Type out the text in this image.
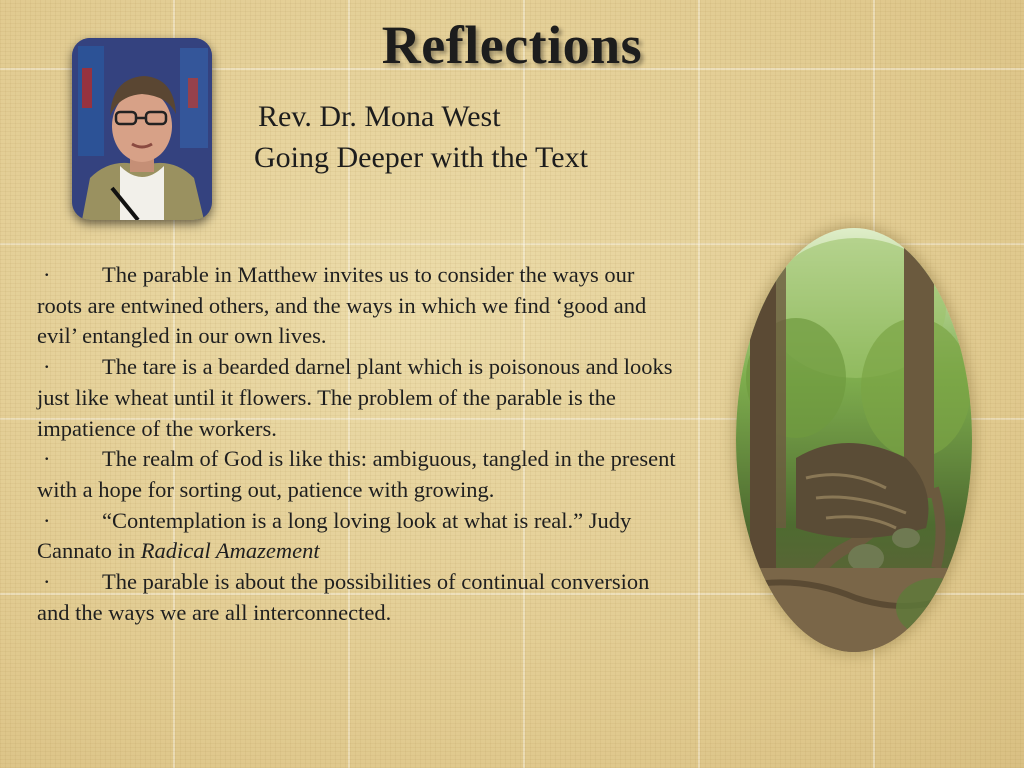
Reflections
Rev. Dr. Mona West
Going Deeper with the Text

· The parable in Matthew invites us to consider the ways our roots are entwined others, and the ways in which we find ‘good and evil’ entangled in our own lives.

· The tare is a bearded darnel plant which is poisonous and looks just like wheat until it flowers. The problem of the parable is the impatience of the workers.

· The realm of God is like this: ambiguous, tangled in the present with a hope for sorting out, patience with growing.

· “Contemplation is a long loving look at what is real.” Judy Cannato in Radical Amazement

· The parable is about the possibilities of continual conversion and the ways we are all interconnected.
